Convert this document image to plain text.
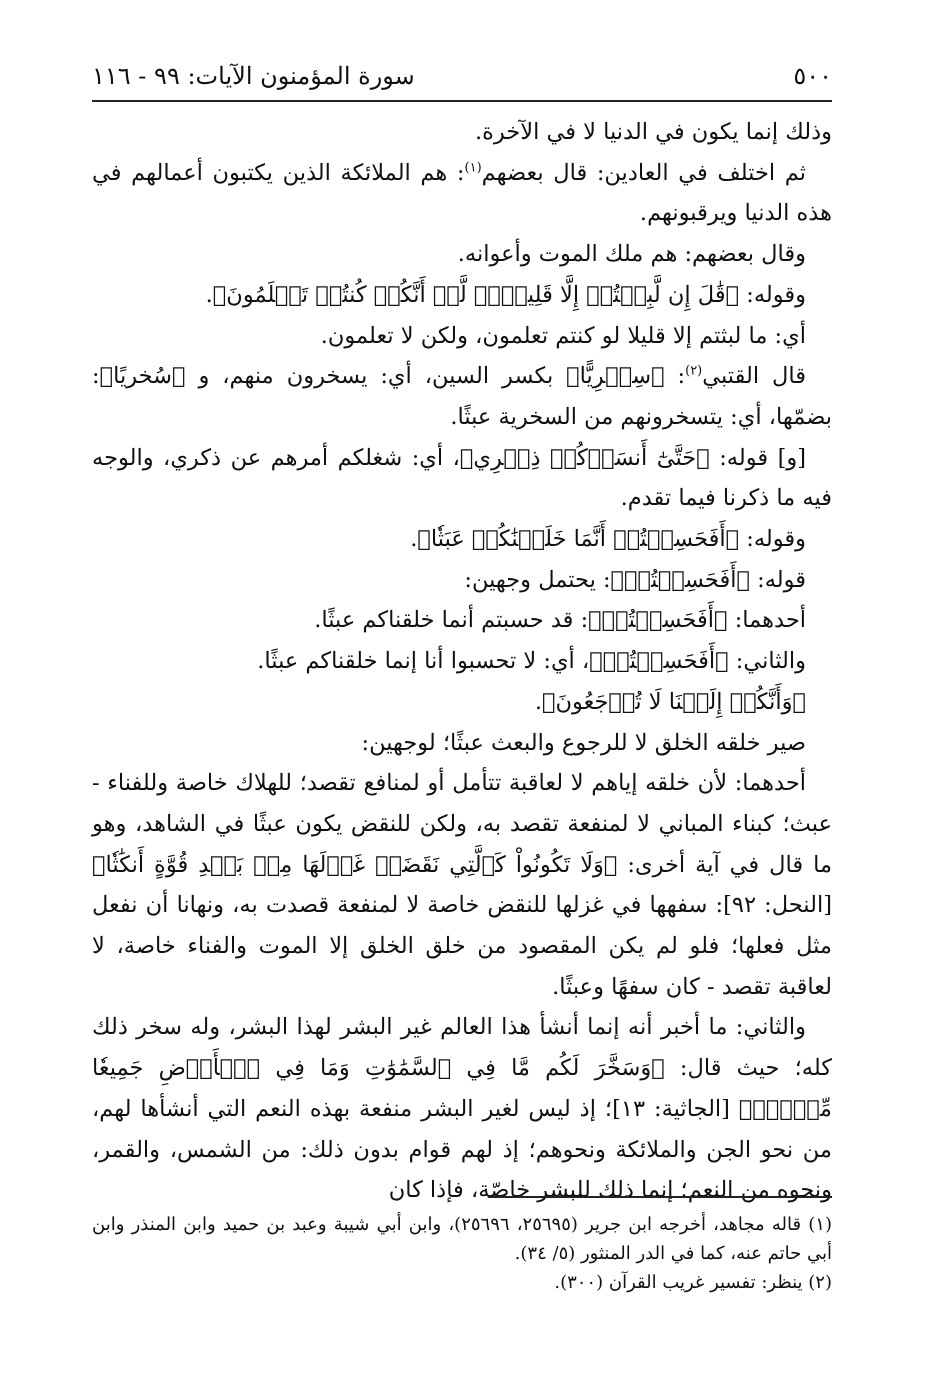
٥٠٠
سورة المؤمنون الآيات: ٩٩ - ١١٦

وذلك إنما يكون في الدنيا لا في الآخرة.

ثم اختلف في العادين: قال بعضهم$^{(١)}$: هم الملائكة الذين يكتبون أعمالهم في هذه الدنيا ويرقبونهم.

وقال بعضهم: هم ملك الموت وأعوانه.

وقوله: ﴿قَٰلَ إِن لَّبِثۡتُمۡ إِلَّا قَلِيلٗاۖ لَّوۡ أَنَّكُمۡ كُنتُمۡ تَعۡلَمُونَ﴾.

أي: ما لبثتم إلا قليلا لو كنتم تعلمون، ولكن لا تعلمون.

قال القتبي$^{(٢)}$: ﴿سِخۡرِيًّا﴾ بكسر السين، أي: يسخرون منهم، و ﴿سُخريًا﴾: بضمّها، أي: يتسخرونهم من السخرية عبثًا.

[و] قوله: ﴿حَتَّىٰٓ أَنسَوۡكُمۡ ذِكۡرِي﴾، أي: شغلكم أمرهم عن ذكري، والوجه فيه ما ذكرنا فيما تقدم.

وقوله: ﴿أَفَحَسِبۡتُمۡ أَنَّمَا خَلَقۡنَٰكُمۡ عَبَثٗا﴾.

قوله: ﴿أَفَحَسِبۡتُمۡ﴾: يحتمل وجهين:

أحدهما: ﴿أَفَحَسِبۡتُمۡ﴾: قد حسبتم أنما خلقناكم عبثًا.

والثاني: ﴿أَفَحَسِبۡتُمۡ﴾، أي: لا تحسبوا أنا إنما خلقناكم عبثًا.

﴿وَأَنَّكُمۡ إِلَيۡنَا لَا تُرۡجَعُونَ﴾.

صير خلقه الخلق لا للرجوع والبعث عبثًا؛ لوجهين:

أحدهما: لأن خلقه إياهم لا لعاقبة تتأمل أو لمنافع تقصد؛ للهلاك خاصة وللفناء - عبث؛ كبناء المباني لا لمنفعة تقصد به، ولكن للنقض يكون عبثًا في الشاهد، وهو ما قال في آية أخرى: ﴿وَلَا تَكُونُواْ كَٱلَّتِي نَقَضَتۡ غَزۡلَهَا مِنۢ بَعۡدِ قُوَّةٍ أَنكَٰثٗا﴾ [النحل: ٩٢]: سفهها في غزلها للنقض خاصة لا لمنفعة قصدت به، ونهانا أن نفعل مثل فعلها؛ فلو لم يكن المقصود من خلق الخلق إلا الموت والفناء خاصة، لا لعاقبة تقصد - كان سفهًا وعبثًا.

والثاني: ما أخبر أنه إنما أنشأ هذا العالم غير البشر لهذا البشر، وله سخر ذلك كله؛ حيث قال: ﴿وَسَخَّرَ لَكُم مَّا فِي ٱلسَّمَٰوَٰتِ وَمَا فِي ٱلۡأَرۡضِ جَمِيعٗا مِّنۡهُۚ﴾ [الجاثية: ١٣]؛ إذ ليس لغير البشر منفعة بهذه النعم التي أنشأها لهم، من نحو الجن والملائكة ونحوهم؛ إذ لهم قوام بدون ذلك: من الشمس، والقمر، ونحوه من النعم؛ إنما ذلك للبشر خاصّة، فإذا كان

(١) قاله مجاهد، أخرجه ابن جرير (٢٥٦٩٥، ٢٥٦٩٦)، وابن أبي شيبة وعبد بن حميد وابن المنذر وابن أبي حاتم عنه، كما في الدر المنثور (٥/ ٣٤).

(٢) ينظر: تفسير غريب القرآن (٣٠٠).
